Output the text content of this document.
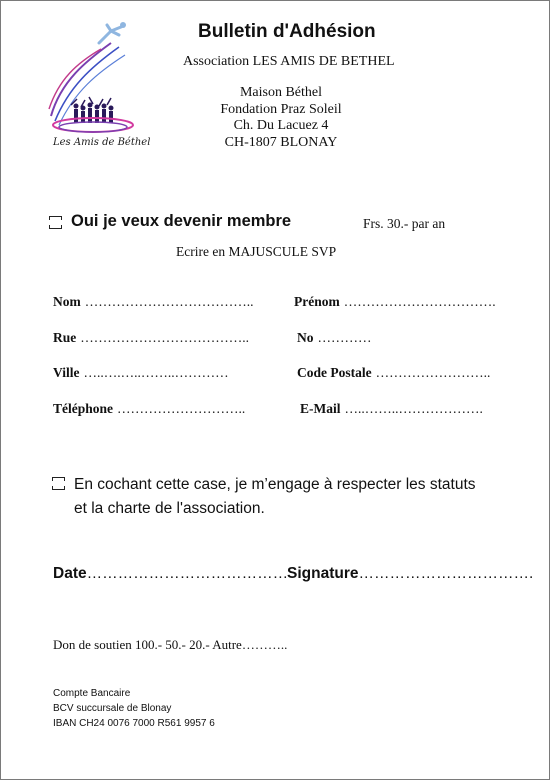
Les Amis de Béthel
Bulletin d'Adhésion
Association LES AMIS DE BETHEL
Maison Béthel
Fondation Praz Soleil
Ch. Du Lacuez 4
CH-1807 BLONAY
Oui je veux devenir membre	Frs. 30.- par an
Ecrire en MAJUSCULE SVP
Nom ………………………………..	Prénom …………………………….
Rue ………………………………..	No …………
Ville …..….…..……..…………	Code Postale ……………………..
Téléphone ………………………..	E-Mail …..……..……………….
En cochant cette case, je m’engage à respecter les statuts
et la charte de l'association.
Date…………………………………
Signature…………………………….
Don de soutien 100.- 50.- 20.- Autre………..
Compte Bancaire
BCV succursale de Blonay
IBAN CH24 0076 7000 R561 9957 6
